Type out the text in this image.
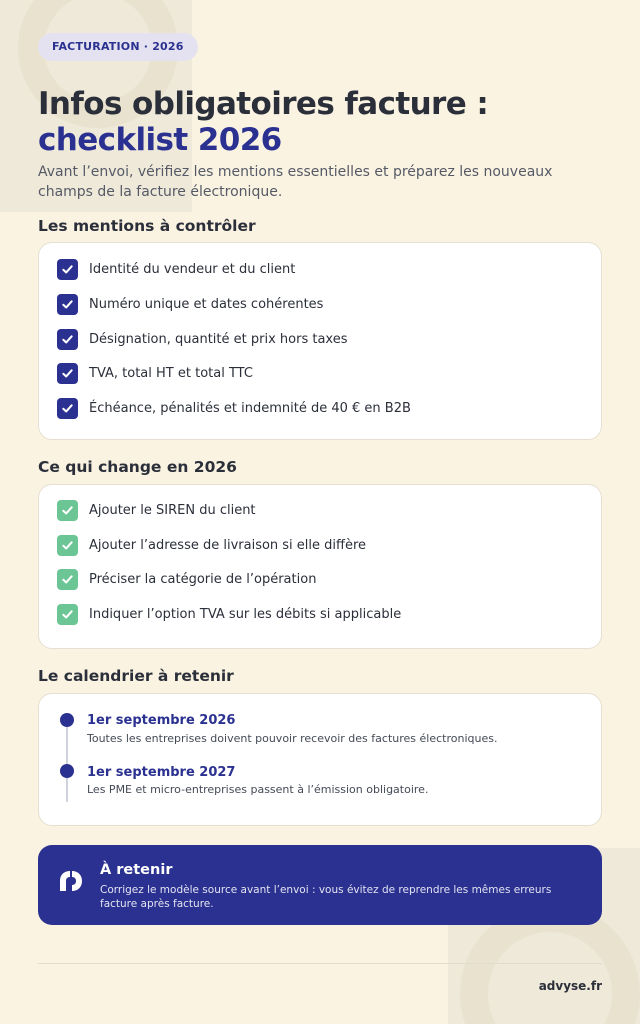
FACTURATION · 2026
Infos obligatoires facture :
checklist 2026

Avant l’envoi, vérifiez les mentions essentielles et préparez les nouveaux champs de la facture électronique.

Les mentions à contrôler
Identité du vendeur et du client
Numéro unique et dates cohérentes
Désignation, quantité et prix hors taxes
TVA, total HT et total TTC
Échéance, pénalités et indemnité de 40 € en B2B
Ce qui change en 2026
Ajouter le SIREN du client
Ajouter l’adresse de livraison si elle diffère
Préciser la catégorie de l’opération
Indiquer l’option TVA sur les débits si applicable
Le calendrier à retenir
1er septembre 2026
Toutes les entreprises doivent pouvoir recevoir des factures électroniques.
1er septembre 2027
Les PME et micro-entreprises passent à l’émission obligatoire.
À retenir
Corrigez le modèle source avant l’envoi : vous évitez de reprendre les mêmes erreurs facture après facture.
advyse.fr
